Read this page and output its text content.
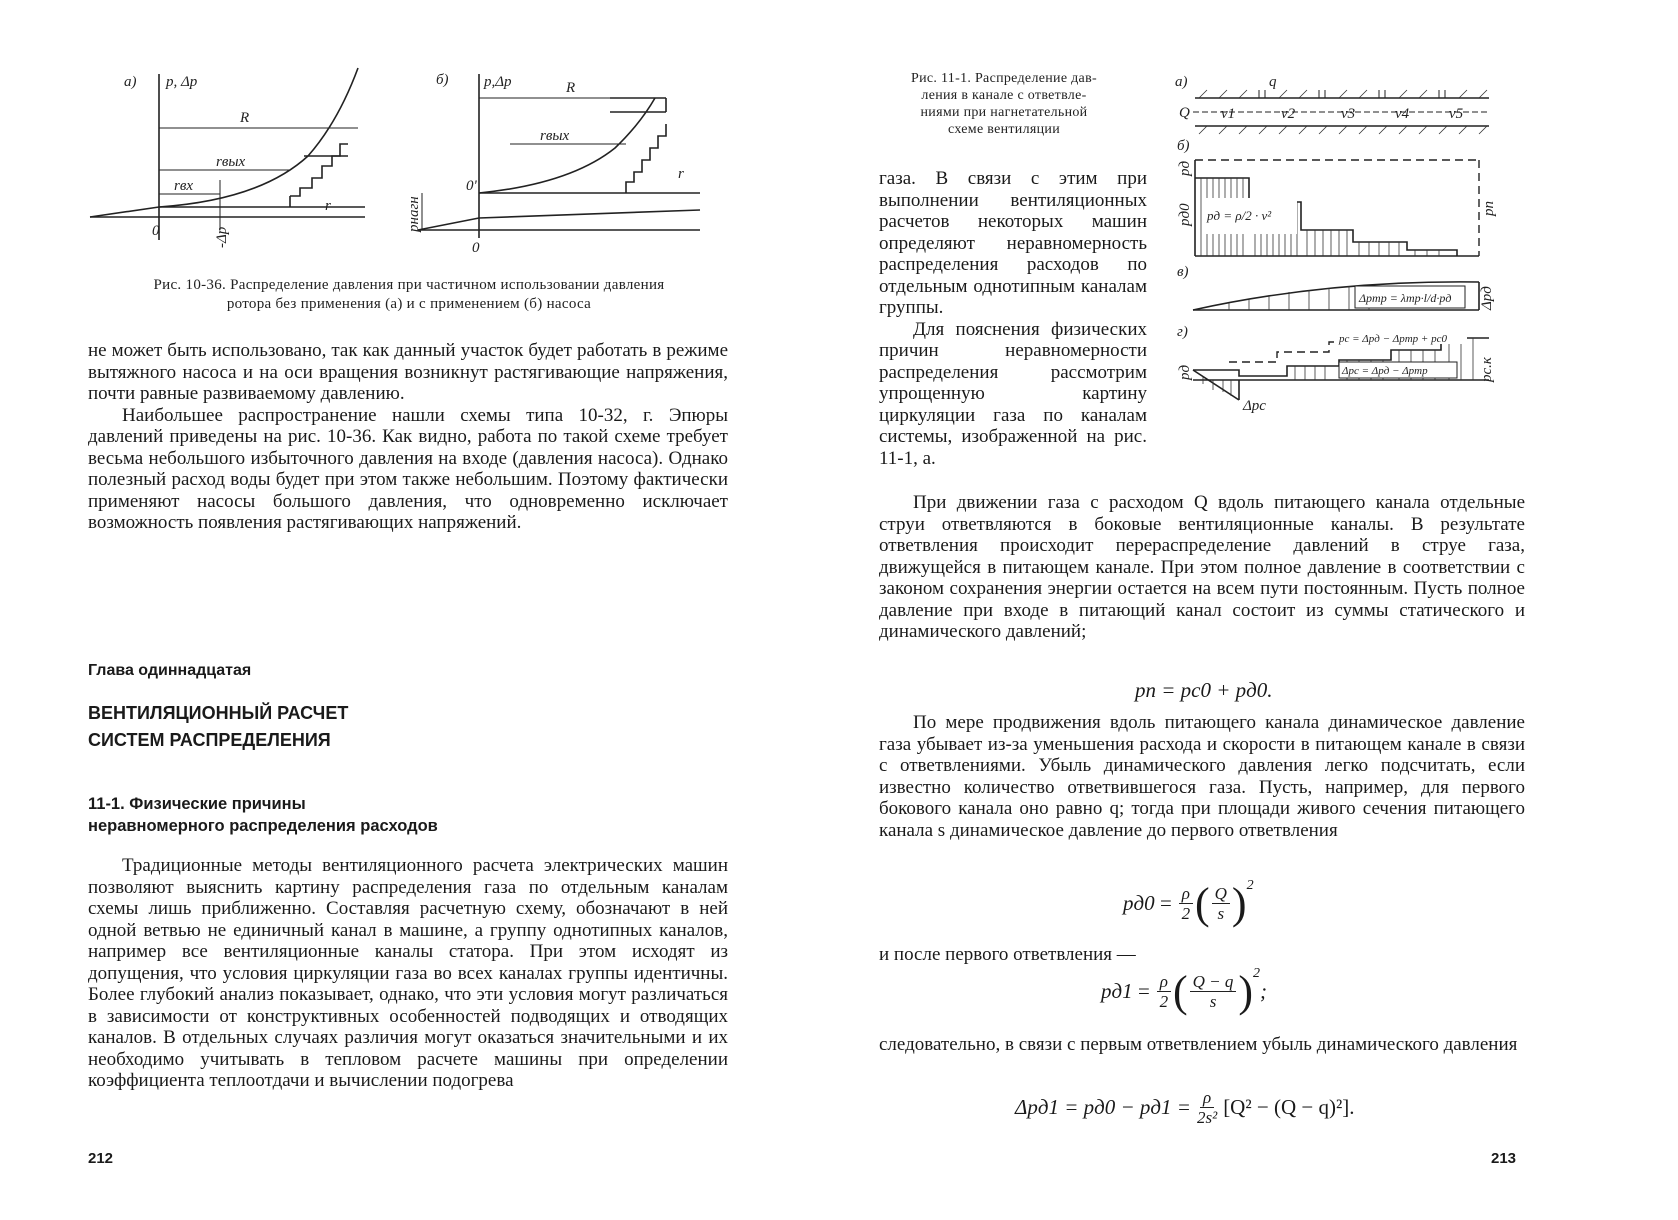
а) p, Δp
R
rвых
rвх
r
0	-Δp
б) p,Δp	R
rвых
r
0'
0
pнагн
Рис. 10-36. Распределение давления при частичном использовании давления
ротора без применения (а) и с применением (б) насоса

не может быть использовано, так как данный участок будет работать в режиме вытяжного насоса и на оси вращения возникнут растягивающие напряжения, почти равные развиваемому давлению.

Наибольшее распространение нашли схемы типа 10-32, г. Эпюры давлений приведены на рис. 10-36. Как видно, работа по такой схеме требует весьма небольшого избыточного давления на входе (давления насоса). Однако полезный расход воды будет при этом также небольшим. Поэтому фактически применяют насосы большого давления, что одновременно исключает возможность появления растягивающих напряжений.

Глава одиннадцатая
ВЕНТИЛЯЦИОННЫЙ РАСЧЕТ
СИСТЕМ РАСПРЕДЕЛЕНИЯ
11-1. Физические причины
неравномерного распределения расходов

Традиционные методы вентиляционного расчета электрических машин позволяют выяснить картину распределения газа по отдельным каналам схемы лишь приближенно. Составляя расчетную схему, обозначают в ней одной ветвью не единичный канал в машине, а группу однотипных каналов, например все вентиляционные каналы статора. При этом исходят из допущения, что условия циркуляции газа во всех каналах группы идентичны. Более глубокий анализ показывает, однако, что эти условия могут различаться в зависимости от конструктивных особенностей подводящих и отводящих каналов. В отдельных случаях различия могут оказаться значительными и их необходимо учитывать в тепловом расчете машины при определении коэффициента теплоотдачи и вычислении подогрева

212
Рис. 11-1. Распределение дав-
ления в канале с ответвле-
ниями при нагнетательной
схеме вентиляции
а)
Q
q
v1	v2	v3	v4	v5
б)
pд = ρ/2 · v²
pд
pд0	pп
в)
Δpтр = λтр·l/d·pд Δpд
г)	pс = Δpд − Δpтр + pс0
Δpс = Δpд − Δpтр	pс.к
Δpс
pд

газа. В связи с этим при выполнении вентиляционных расчетов некоторых машин определяют неравномерность распределения расходов по отдельным однотипным каналам группы.

Для пояснения физических причин неравномерности распределения рассмотрим упрощенную картину циркуляции газа по каналам системы, изображенной на рис. 11-1, а.

При движении газа с расходом Q вдоль питающего канала отдельные струи ответвляются в боковые вентиляционные каналы. В результате ответвления происходит перераспределение давлений в струе газа, движущейся в питающем канале. При этом полное давление в соответствии с законом сохранения энергии остается на всем пути постоянным. Пусть полное давление при входе в питающий канал состоит из суммы статического и динамического давлений;

pп = pс0 + pд0.

По мере продвижения вдоль питающего канала динамическое давление газа убывает из-за уменьшения расхода и скорости в питающем канале в связи с ответвлениями. Убыль динамического давления легко подсчитать, если известно количество ответвившегося газа. Пусть, например, для первого бокового канала оно равно q; тогда при площади живого сечения питающего канала s динамическое давление до первого ответвления

$pд0 = \frac{\rho}{2}$ ( $\frac{Q}{s}$ ) 2

и после первого ответвления —

$pд1 = \frac{\rho}{2}$ ( $\frac{Q - q}{s}$ ) 2
;

следовательно, в связи с первым ответвлением убыль динамического давления

$\Delta pд1 = pд0 - pд1 = \frac{\rho}{\text{2s²}} [Q^2 - (Q - q)^2]$.
213
